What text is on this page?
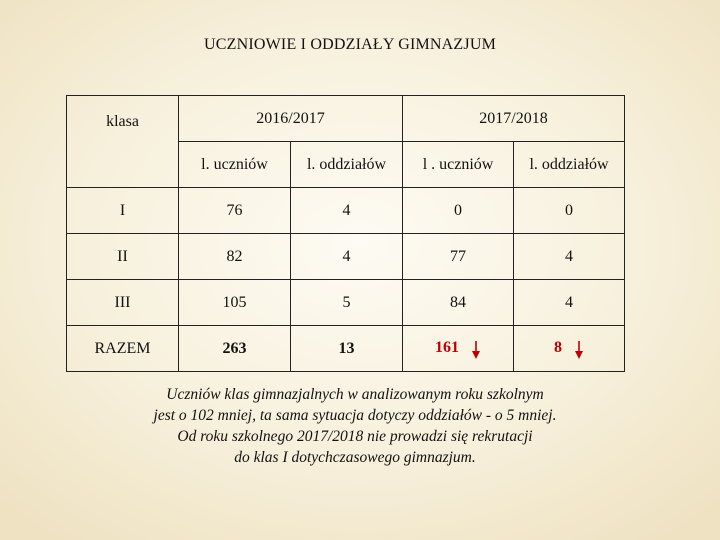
UCZNIOWIE I ODDZIAŁY GIMNAZJUM
klasa	2016/2017		2017/2018	
	l. uczniów	l. oddziałów	l . uczniów	l. oddziałów
I	76	4	0	0
II	82	4	77	4
III	105	5	84	4
RAZEM	263	13	161	8
Uczniów klas gimnazjalnych w analizowanym roku szkolnym
jest o 102 mniej, ta sama sytuacja dotyczy oddziałów - o 5 mniej.
Od roku szkolnego 2017/2018 nie prowadzi się rekrutacji
do klas I dotychczasowego gimnazjum.
